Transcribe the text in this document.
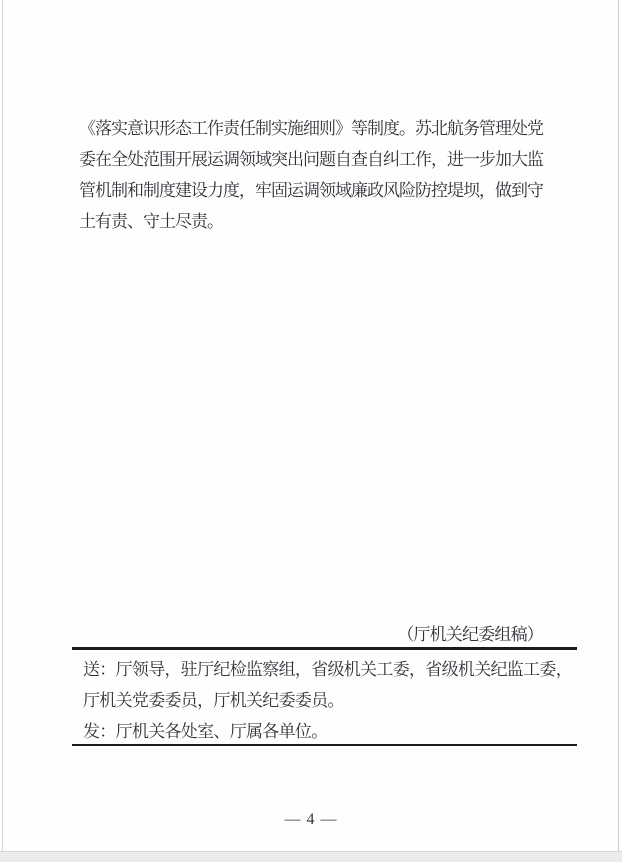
《落实意识形态工作责任制实施细则》等制度。苏北航务管理处党
委在全处范围开展运调领域突出问题自查自纠工作，进一步加大监
管机制和制度建设力度，牢固运调领域廉政风险防控堤坝，做到守
土有责、守土尽责。
（厅机关纪委组稿）
送：厅领导，驻厅纪检监察组，省级机关工委，省级机关纪监工委，
厅机关党委委员，厅机关纪委委员。
发：厅机关各处室、厅属各单位。
— 4 —
